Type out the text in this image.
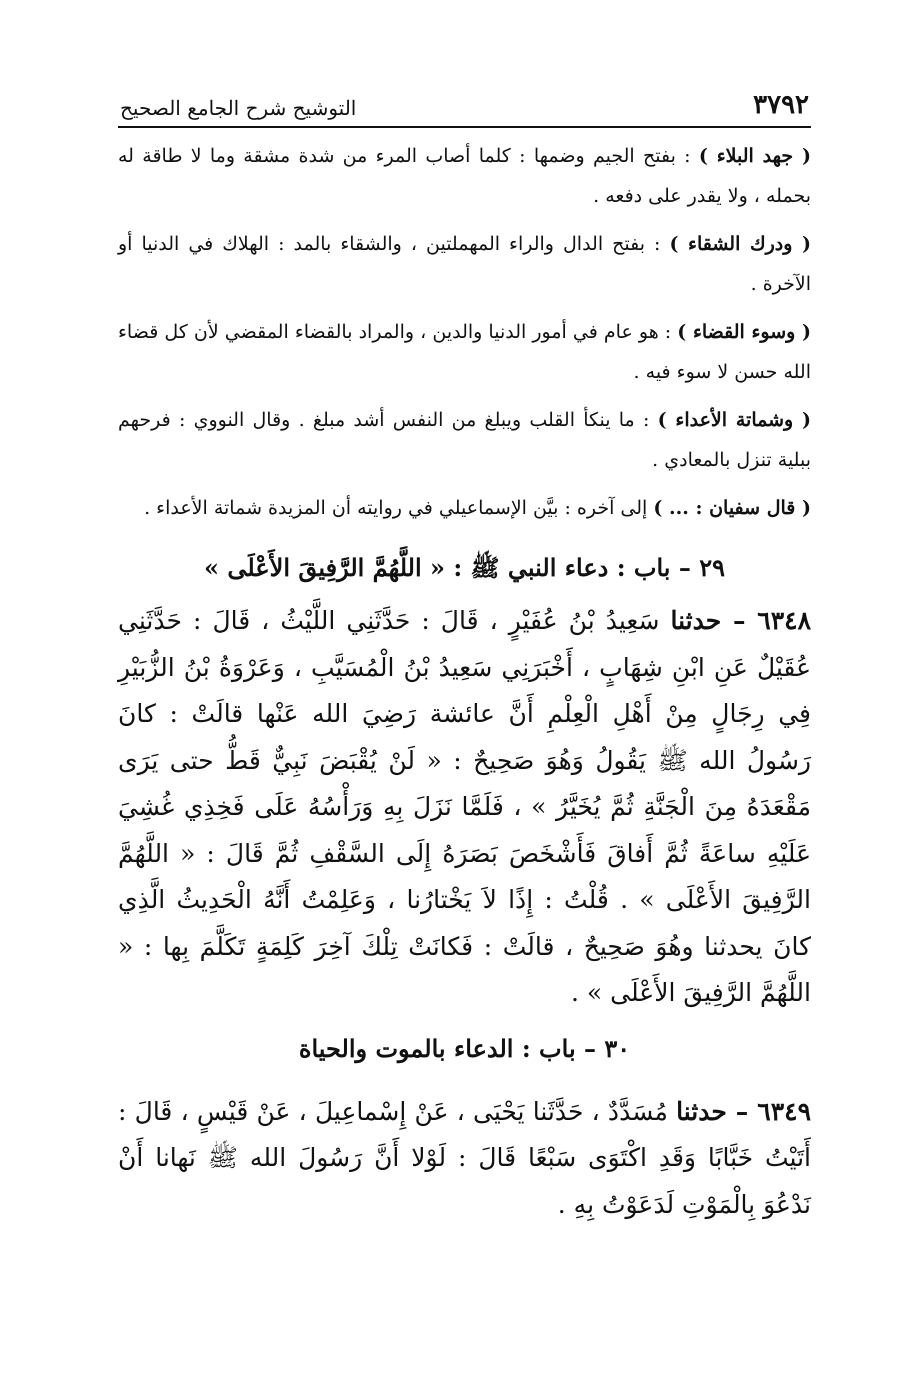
٣٧٩٢
التوشيح شرح الجامع الصحيح

( جهد البلاء ) : بفتح الجيم وضمها : كلما أصاب المرء من شدة مشقة وما لا طاقة له بحمله ، ولا يقدر على دفعه .

( ودرك الشقاء ) : بفتح الدال والراء المهملتين ، والشقاء بالمد : الهلاك في الدنيا أو الآخرة .

( وسوء القضاء ) : هو عام في أمور الدنيا والدين ، والمراد بالقضاء المقضي لأن كل قضاء الله حسن لا سوء فيه .

( وشماتة الأعداء ) : ما ينكأ القلب ويبلغ من النفس أشد مبلغ . وقال النووي : فرحهم ببلية تنزل بالمعادي .

( قال سفيان : ... ) إلى آخره : بيَّن الإسماعيلي في روايته أن المزيدة شماتة الأعداء .

٢٩ – باب : دعاء النبي ﷺ : « اللَّهُمَّ الرَّفِيقَ الأَعْلَى »

٦٣٤٨ – حدثنا سَعِيدُ بْنُ عُفَيْرٍ ، قَالَ : حَدَّثَنِي اللَّيْثُ ، قَالَ : حَدَّثَنِي عُقَيْلٌ عَنِ ابْنِ شِهَابٍ ، أَخْبَرَنِي سَعِيدُ بْنُ الْمُسَيَّبِ ، وَعَرْوَةُ بْنُ الزُّبَيْرِ فِي رِجَالٍ مِنْ أَهْلِ الْعِلْمِ أَنَّ عائشة رَضِيَ الله عَنْها قالَتْ : كانَ رَسُولُ الله ﷺ يَقُولُ وَهُوَ صَحِيحٌ : « لَنْ يُقْبَضَ نَبِيٌّ قَطُّ حتى يَرَى مَقْعَدَهُ مِنَ الْجَنَّةِ ثُمَّ يُخَيَّرُ » ، فَلَمَّا نَزَلَ بِهِ وَرَأْسُهُ عَلَى فَخِذِي غُشِيَ عَلَيْهِ ساعَةً ثُمَّ أَفاقَ فَأَشْخَصَ بَصَرَهُ إِلَى السَّقْفِ ثُمَّ قَالَ : « اللَّهُمَّ الرَّفِيقَ الأَعْلَى » . قُلْتُ : إِذًا لاَ يَخْتارُنا ، وَعَلِمْتُ أَنَّهُ الْحَدِيثُ الَّذِي كانَ يحدثنا وهُوَ صَحِيحٌ ، قالَتْ : فَكانَتْ تِلْكَ آخِرَ كَلِمَةٍ تَكَلَّمَ بِها : « اللَّهُمَّ الرَّفِيقَ الأَعْلَى » .

٣٠ – باب : الدعاء بالموت والحياة

٦٣٤٩ – حدثنا مُسَدَّدٌ ، حَدَّثَنا يَحْيَى ، عَنْ إِسْماعِيلَ ، عَنْ قَيْسٍ ، قَالَ : أَتَيْتُ خَبَّابًا وَقَدِ اكْتَوَى سَبْعًا قَالَ : لَوْلا أَنَّ رَسُولَ الله ﷺ نَهانا أَنْ نَدْعُوَ بِالْمَوْتِ لَدَعَوْتُ بِهِ .
